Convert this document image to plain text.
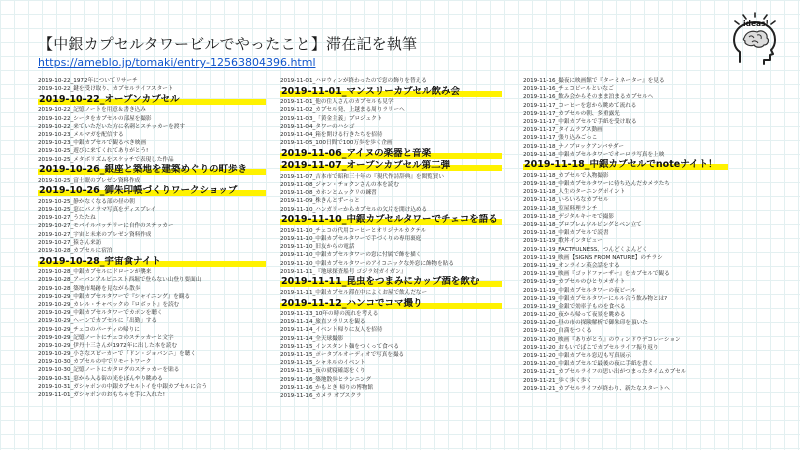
【中銀カプセルタワービルでやったこと】滞在記を執筆
https://ameblo.jp/tomaki/entry-12563804396.html
ideas!
2019-10-22_1972年についてリサーチ
2019-10-22_鍵を受け取り、カプセルライフスタート
2019-10-22_オープンカプセル
2019-10-22_記憶ノートを用意＆書き込み
2019-10-22_シータをカプセルの部屋を撮影
2019-10-22_来ていただいた方に名刺とステッカーを渡す
2019-10-23_メルマガを配信する
2019-10-23_中銀カプセルで観るべき映画
2019-10-25_遊びに来てくれてありがとう!
2019-10-25_メタボリズムをスケッチで表現した作品
2019-10-26_銀座と築地を建築めぐりの町歩き
2019-10-25_富士眠のプレゼン資料作成
2019-10-26_御朱印帳づくりワークショップ
2019-10-25_静かなくなる部の昼の朝
2019-10-25_窓にパノラマ写真をディスプレイ
2019-10-27_うたたね
2019-10-27_モバイルバッテリーに自作のステッカー
2019-10-27_宇宙と未来のプレゼン資料作成
2019-10-27_猿さん来訪
2019-10-28_カプセルに宿泊
2019-10-28_宇宙食ナイト
2019-10-28_中銀カプセルにドローンが襲来
2019-10-28_アーバンアルピニスト西堀で登らない山登り要面山
2019-10-28_築地市場跡を見ながら散歩
2019-10-29_中銀カプセルタワーで『シャイニング』を観る
2019-10-29_カレル・チャペックの『ロボット』を読む
2019-10-29_中銀カプセルタワーでカポンを聴く
2019-10-29_ヘーンでカプセルに「出勤」する
2019-10-29_チェコのパーティの帰りに
2019-10-29_記憶ノートにチェコのステッカーと文字
2019-10-29_伊丹十三さんが1972年に出した本を読む
2019-10-29_小さなスピーカーで「ドン・ジョバンニ」を聴く
2019-10-30_カプセルの中でリモートワーク
2019-10-30_記憶ノートにカタログのステッカーを貼る
2019-10-31_窓から入る街の光をぼんやり眺める
2019-10-31_ガシャポンの中銀カプセルトイを中銀カプセルに合う
2019-11-01_ガシャポンのおもちゃを手に入れた!
2019-11-01_ハロウィンが終わったので窓の飾りを替える
2019-11-01_マンスリーカプセル飲み会
2019-11-01_他の住人さんのカプセルも見学
2019-11-02_カプセル発、上越まる周りラリーへ
2019-11-03_「黄金主義」プロジェクト
2019-11-04_タワーのハシゴ
2019-11-04_箱を開ける行きたちを招待
2019-11-05_100日間で100万歩を歩く企画
2019-11-06_アイヌの楽器と音楽
2019-11-07_オープンカプセル第二弾
2019-11-07_吉本市で昭和三十年の『現代作詩辞典』を閲覧買い
2019-11-08_ジャン・チョクンさんの本を読む
2019-11-08_カホンとムックリの練習
2019-11-09_株きんとずーっと
2019-11-10_ハンガリーからカプセルの欠片を開け込める
2019-11-10_中銀カプセルタワーでチェコを語る
2019-11-10_チェコの代用コーヒーとオリジナルカクテル
2019-11-10_中銀カプセルタワーで手づくりの専用裏庭
2019-11-10_旧友からの電話
2019-11-10_中銀カプセルタワーの窓に付属で飾を描く
2019-11-10_中銀カプセルタワーのアイコニックな外窓に飾物を貼る
2019-11-11_『地球探査船号 ゴジラ対ガイガン』
2019-11-11_昆虫をつまみにカップ酒を飲む
2019-11-11_中銀カプセル滞在中によくお屋で飲んだなー
2019-11-12_ハンコでコマ撮り
2019-11-13_10年の時の流れを考える
2019-11-14_旅直ソラリスを観る
2019-11-14_イベント帰りに友人を招待
2019-11-14_全天球撮影
2019-11-15_インスタント麺をつくって食べる
2019-11-15_ポータブルオーディオで写真を撮る
2019-11-15_シャネルのイベント
2019-11-15_夜の就寝確認をくり
2019-11-16_築地散歩とランニング
2019-11-16_かもとき 帰りの博物館
2019-11-16_カメラ オブスクラ
2019-11-16_撮夜に映画館で『ターミネーター』を見る
2019-11-16_チェコビールといなご
2019-11-16_飲み会からそのまま泊まるカプセルへ
2019-11-17_コーヒーを窓から眺めて流れる
2019-11-17_カプセルの朝、多重露光
2019-11-17_中銀カプセルで手紙を受け取る
2019-11-17_タイムラプス動画
2019-11-17_張り込みごっこ
2019-11-18_ナノブロックアンバサダー
2019-11-18_中銀カプセルタワーでオーロラ写真を上映
2019-11-18_中銀カプセルでnoteナイト！
2019-11-18_カプセルで入物撮影
2019-11-18_中銀カプセルタワーに待ち込んだカメラたち
2019-11-18_人生のターニングポイント
2019-11-18_いろいろなカプセル
2019-11-18_室屋料理ランチ
2019-11-18_デジタルキーモで撮影
2019-11-18_プロブレムソルビングとベン立て
2019-11-18_中銀カプセルで読書
2019-11-19_歌丼インタビュー
2019-11-19_FACTFULNESS、つんどくよんどく
2019-11-19_映画【SIGNS FROM NATURE】のチラシ
2019-11-19_オンライン英会話をする
2019-11-19_映画『ゴッドファーザー』をカプセルで観る
2019-11-19_カプセルのひとりメガイト
2019-11-19_中銀カプセルタワーの夜ビール
2019-11-19_中銀カプセルタワーにルル合う飲み物とは?
2019-11-19_金銀で効率子ものを食べる
2019-11-20_夜から帰って夜景を眺める
2019-11-20_昼の市の探険解析で御朱印を頂いた
2019-11-20_自満をつくる
2019-11-20_映画『ありがとう』のウィンドウデコレーション
2019-11-20_おもいでばこでカプセルライフ振り返り
2019-11-20_中銀カプセル窓辺も写真展示
2019-11-20_中銀カプセルで最後の夜に手紙を書く
2019-11-21_カプセルライフの思い出がつまったタイムカプセル
2019-11-21_歩く歩く歩く
2019-11-21_カプセルライフが終わり、新たなスタートへ
